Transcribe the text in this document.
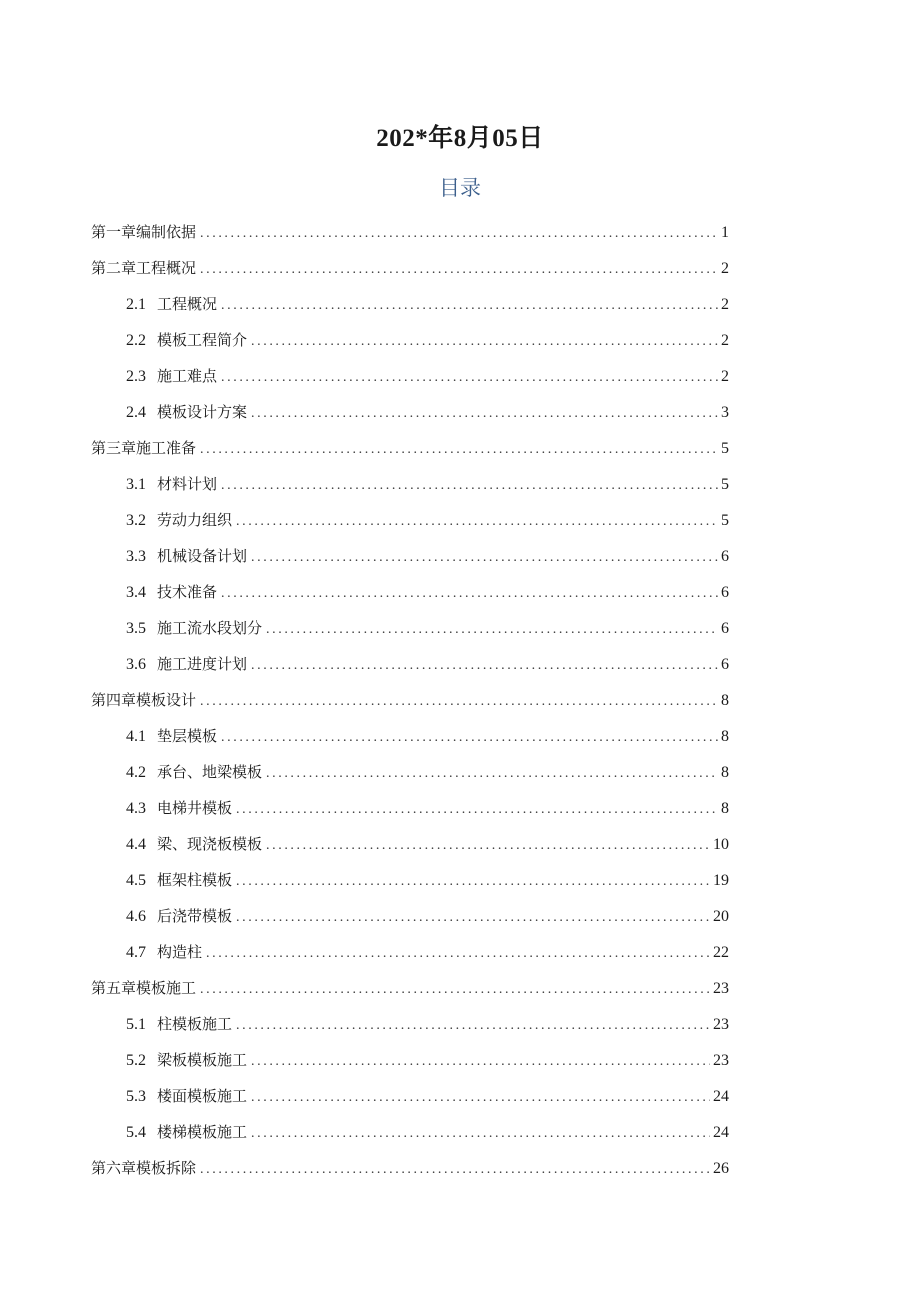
202*年8月05日
目录
第一章编制依据 .....	1
第二章工程概况 .....	2
2.1 工程概况 .....	2
2.2 模板工程简介 .....	2
2.3 施工难点 .....	2
2.4 模板设计方案 .....	3
第三章施工准备 .....	5
3.1 材料计划 .....	5
3.2 劳动力组织 .....	5
3.3 机械设备计划 .....	6
3.4 技术准备 .....	6
3.5 施工流水段划分 .....	6
3.6 施工进度计划 .....	6
第四章模板设计 .....	8
4.1 垫层模板 .....	8
4.2 承台、地梁模板 .....	8
4.3 电梯井模板 .....	8
4.4 梁、现浇板模板 .....	10
4.5 框架柱模板 .....	19
4.6 后浇带模板 .....	20
4.7 构造柱 .....	22
第五章模板施工 .....	23
5.1 柱模板施工 .....	23
5.2 梁板模板施工 .....	23
5.3 楼面模板施工 .....	24
5.4 楼梯模板施工 .....	24
第六章模板拆除 .....	26
